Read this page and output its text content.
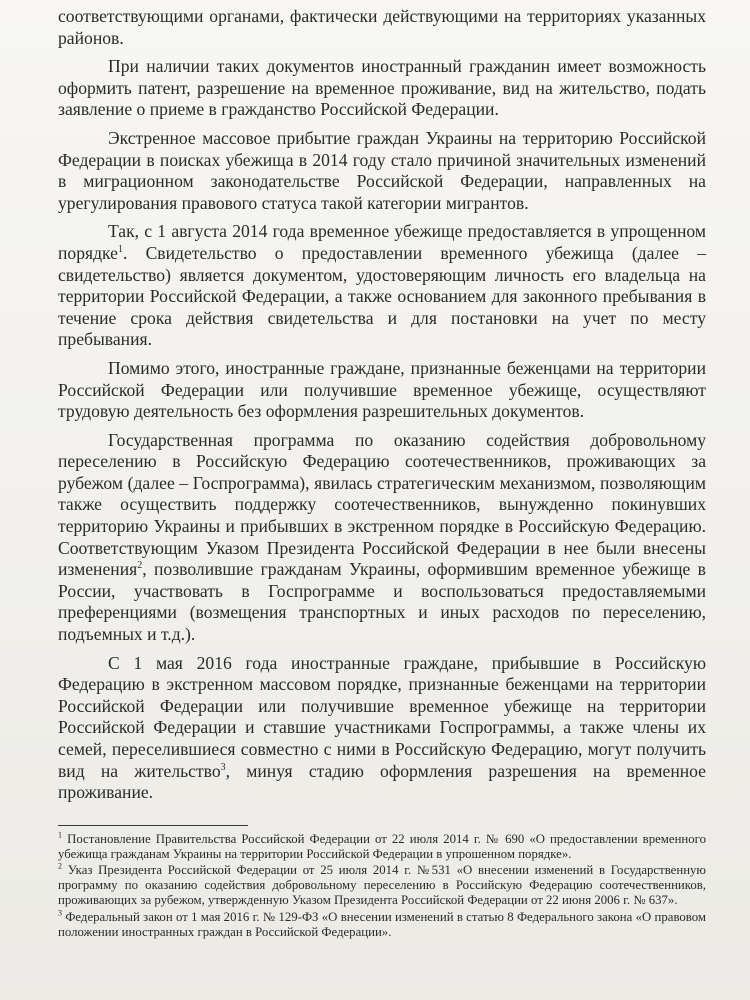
соответствующими органами, фактически действующими на территориях указанных районов.

При наличии таких документов иностранный гражданин имеет возможность оформить патент, разрешение на временное проживание, вид на жительство, подать заявление о приеме в гражданство Российской Федерации.

Экстренное массовое прибытие граждан Украины на территорию Российской Федерации в поисках убежища в 2014 году стало причиной значительных изменений в миграционном законодательстве Российской Федерации, направленных на урегулирования правового статуса такой категории мигрантов.

Так, с 1 августа 2014 года временное убежище предоставляется в упрощенном порядке$^1$. Свидетельство о предоставлении временного убежища (далее – свидетельство) является документом, удостоверяющим личность его владельца на территории Российской Федерации, а также основанием для законного пребывания в течение срока действия свидетельства и для постановки на учет по месту пребывания.

Помимо этого, иностранные граждане, признанные беженцами на территории Российской Федерации или получившие временное убежище, осуществляют трудовую деятельность без оформления разрешительных документов.

Государственная программа по оказанию содействия добровольному переселению в Российскую Федерацию соотечественников, проживающих за рубежом (далее – Госпрограмма), явилась стратегическим механизмом, позволяющим также осуществить поддержку соотечественников, вынужденно покинувших территорию Украины и прибывших в экстренном порядке в Российскую Федерацию. Соответствующим Указом Президента Российской Федерации в нее были внесены изменения$^2$, позволившие гражданам Украины, оформившим временное убежище в России, участвовать в Госпрограмме и воспользоваться предоставляемыми преференциями (возмещения транспортных и иных расходов по переселению, подъемных и т.д.).

С 1 мая 2016 года иностранные граждане, прибывшие в Российскую Федерацию в экстренном массовом порядке, признанные беженцами на территории Российской Федерации или получившие временное убежище на территории Российской Федерации и ставшие участниками Госпрограммы, а также члены их семей, переселившиеся совместно с ними в Российскую Федерацию, могут получить вид на жительство$^3$, минуя стадию оформления разрешения на временное проживание.

$^1$ Постановление Правительства Российской Федерации от 22 июля 2014 г. № 690 «О предоставлении временного убежища гражданам Украины на территории Российской Федерации в упрошенном порядке».

$^2$ Указ Президента Российской Федерации от 25 июля 2014 г. №531 «О внесении изменений в Государственную программу по оказанию содействия добровольному переселению в Российскую Федерацию соотечественников, проживающих за рубежом, утвержденную Указом Президента Российской Федерации от 22 июня 2006 г. № 637».

$^3$ Федеральный закон от 1 мая 2016 г. № 129-ФЗ «О внесении изменений в статью 8 Федерального закона «О правовом положении иностранных граждан в Российской Федерации».
